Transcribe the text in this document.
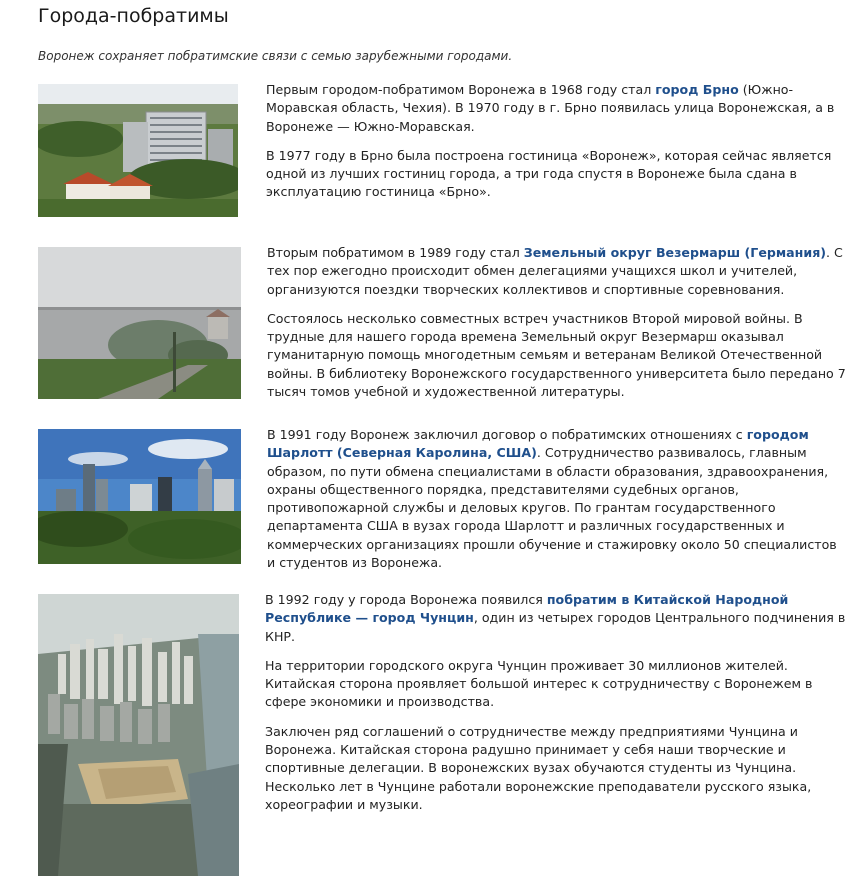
Города-побратимы

Воронеж сохраняет побратимские связи с семью зарубежными городами.

Первым городом-побратимом Воронежа в 1968 году стал город Брно (Южно-Моравская область, Чехия). В 1970 году в г. Брно появилась улица Воронежская, а в Воронеже — Южно-Моравская.

В 1977 году в Брно была построена гостиница «Воронеж», которая сейчас является одной из лучших гостиниц города, а три года спустя в Воронеже была сдана в эксплуатацию гостиница «Брно».

Вторым побратимом в 1989 году стал Земельный округ Везермарш (Германия). С тех пор ежегодно происходит обмен делегациями учащихся школ и учителей, организуются поездки творческих коллективов и спортивные соревнования.

Состоялось несколько совместных встреч участников Второй мировой войны. В трудные для нашего города времена Земельный округ Везермарш оказывал гуманитарную помощь многодетным семьям и ветеранам Великой Отечественной войны. В библиотеку Воронежского государственного университета было передано 7 тысяч томов учебной и художественной литературы.

В 1991 году Воронеж заключил договор о побратимских отношениях с городом Шарлотт (Северная Каролина, США). Сотрудничество развивалось, главным образом, по пути обмена специалистами в области образования, здравоохранения, охраны общественного порядка, представителями судебных органов, противопожарной службы и деловых кругов. По грантам государственного департамента США в вузах города Шарлотт и различных государственных и коммерческих организациях прошли обучение и стажировку около 50 специалистов и студентов из Воронежа.

В 1992 году у города Воронежа появился побратим в Китайской Народной Республике — город Чунцин, один из четырех городов Центрального подчинения в КНР.

На территории городского округа Чунцин проживает 30 миллионов жителей. Китайская сторона проявляет большой интерес к сотрудничеству с Воронежем в сфере экономики и производства.

Заключен ряд соглашений о сотрудничестве между предприятиями Чунцина и Воронежа. Китайская сторона радушно принимает у себя наши творческие и спортивные делегации. В воронежских вузах обучаются студенты из Чунцина. Несколько лет в Чунцине работали воронежские преподаватели русского языка, хореографии и музыки.
